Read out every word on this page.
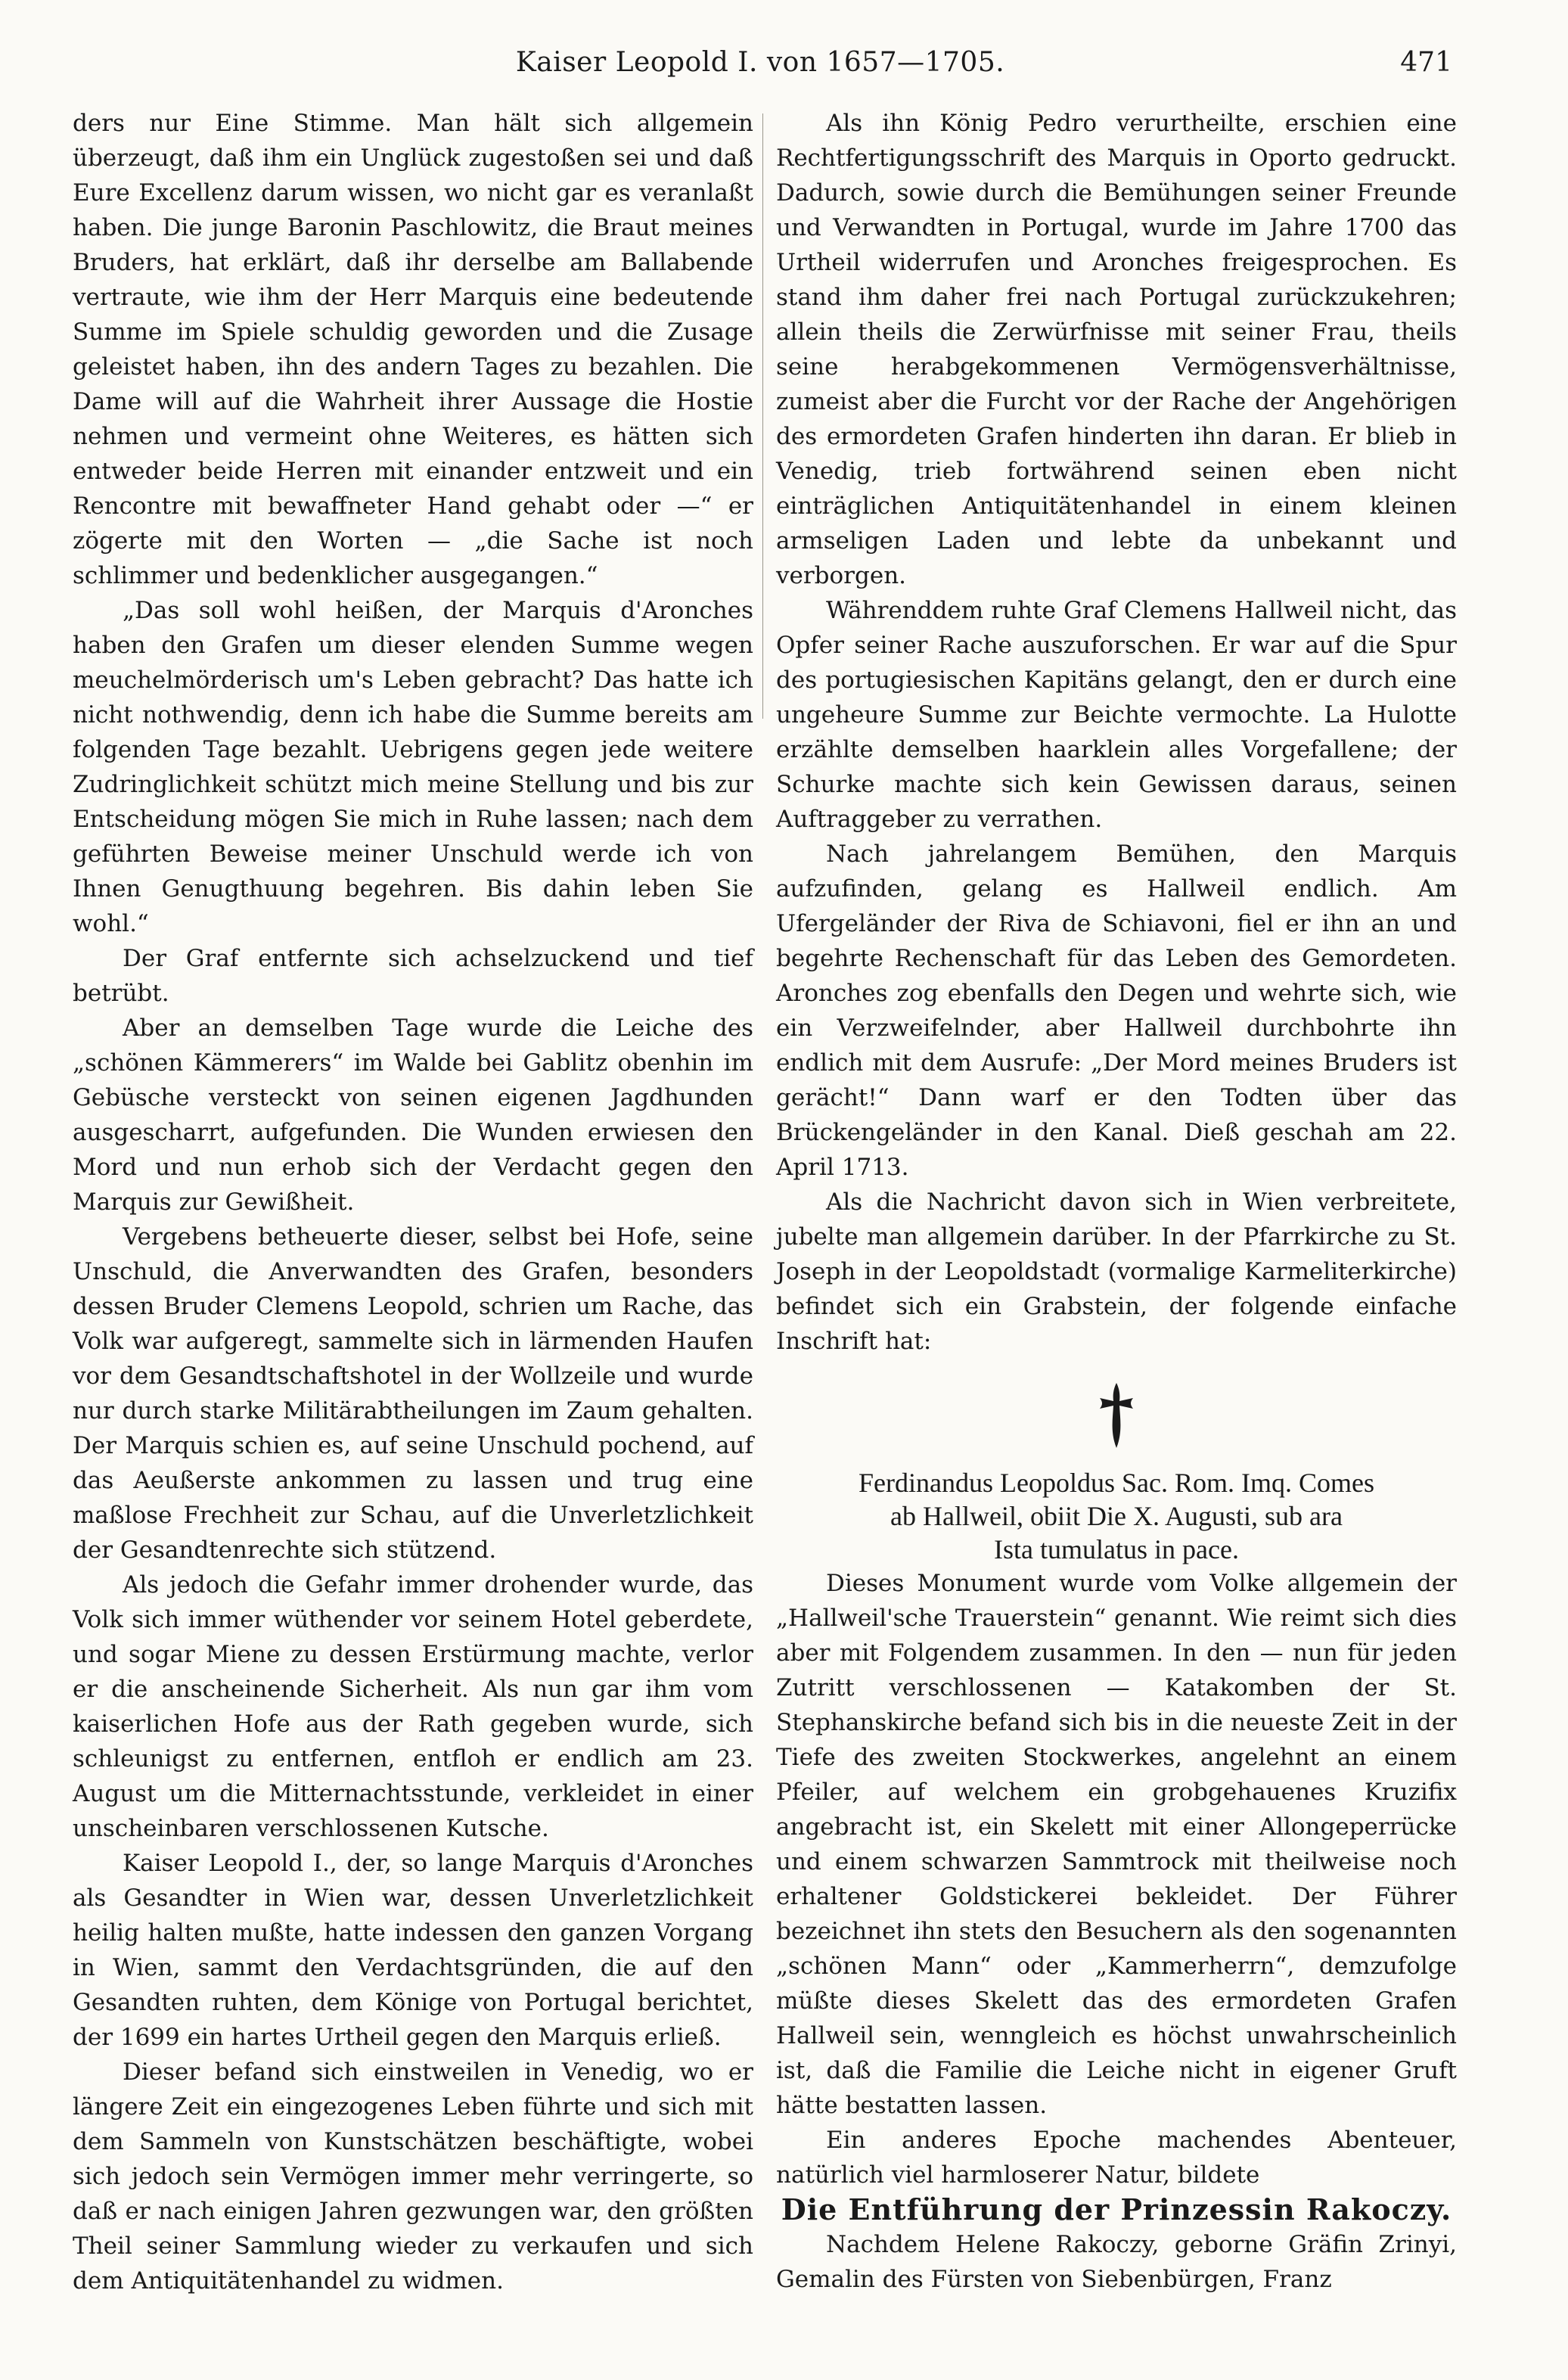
Kaiser Leopold I. von 1657—1705.	471

ders nur Eine Stimme. Man hält sich allgemein überzeugt, daß ihm ein Unglück zugestoßen sei und daß Eure Excellenz darum wissen, wo nicht gar es veranlaßt haben. Die junge Baronin Paschlowitz, die Braut meines Bruders, hat erklärt, daß ihr derselbe am Ballabende vertraute, wie ihm der Herr Marquis eine bedeutende Summe im Spiele schuldig geworden und die Zusage geleistet haben, ihn des andern Tages zu bezahlen. Die Dame will auf die Wahrheit ihrer Aussage die Hostie nehmen und vermeint ohne Weiteres, es hätten sich entweder beide Herren mit einander entzweit und ein Rencontre mit bewaffneter Hand gehabt oder —“ er zögerte mit den Worten — „die Sache ist noch schlimmer und bedenklicher ausgegangen.“

„Das soll wohl heißen, der Marquis d'Aronches haben den Grafen um dieser elenden Summe wegen meuchelmörderisch um's Leben gebracht? Das hatte ich nicht nothwendig, denn ich habe die Summe bereits am folgenden Tage bezahlt. Uebrigens gegen jede weitere Zudringlichkeit schützt mich meine Stellung und bis zur Entscheidung mögen Sie mich in Ruhe lassen; nach dem geführten Beweise meiner Unschuld werde ich von Ihnen Genugthuung begehren. Bis dahin leben Sie wohl.“

Der Graf entfernte sich achselzuckend und tief betrübt.

Aber an demselben Tage wurde die Leiche des „schönen Kämmerers“ im Walde bei Gablitz obenhin im Gebüsche versteckt von seinen eigenen Jagdhunden ausgescharrt, aufgefunden. Die Wunden erwiesen den Mord und nun erhob sich der Verdacht gegen den Marquis zur Gewißheit.

Vergebens betheuerte dieser, selbst bei Hofe, seine Unschuld, die Anverwandten des Grafen, besonders dessen Bruder Clemens Leopold, schrien um Rache, das Volk war aufgeregt, sammelte sich in lärmenden Haufen vor dem Gesandtschaftshotel in der Wollzeile und wurde nur durch starke Militärabtheilungen im Zaum gehalten. Der Marquis schien es, auf seine Unschuld pochend, auf das Aeußerste ankommen zu lassen und trug eine maßlose Frechheit zur Schau, auf die Unverletzlichkeit der Gesandtenrechte sich stützend.

Als jedoch die Gefahr immer drohender wurde, das Volk sich immer wüthender vor seinem Hotel geberdete, und sogar Miene zu dessen Erstürmung machte, verlor er die anscheinende Sicherheit. Als nun gar ihm vom kaiserlichen Hofe aus der Rath gegeben wurde, sich schleunigst zu entfernen, entfloh er endlich am 23. August um die Mitternachtsstunde, verkleidet in einer unscheinbaren verschlossenen Kutsche.

Kaiser Leopold I., der, so lange Marquis d'Aronches als Gesandter in Wien war, dessen Unverletzlichkeit heilig halten mußte, hatte indessen den ganzen Vorgang in Wien, sammt den Verdachtsgründen, die auf den Gesandten ruhten, dem Könige von Portugal berichtet, der 1699 ein hartes Urtheil gegen den Marquis erließ.

Dieser befand sich einstweilen in Venedig, wo er längere Zeit ein eingezogenes Leben führte und sich mit dem Sammeln von Kunstschätzen beschäftigte, wobei sich jedoch sein Vermögen immer mehr verringerte, so daß er nach einigen Jahren gezwungen war, den größten Theil seiner Sammlung wieder zu verkaufen und sich dem Antiquitätenhandel zu widmen.

Als ihn König Pedro verurtheilte, erschien eine Rechtfertigungsschrift des Marquis in Oporto gedruckt. Dadurch, sowie durch die Bemühungen seiner Freunde und Verwandten in Portugal, wurde im Jahre 1700 das Urtheil widerrufen und Aronches freigesprochen. Es stand ihm daher frei nach Portugal zurückzukehren; allein theils die Zerwürfnisse mit seiner Frau, theils seine herabgekommenen Vermögensverhältnisse, zumeist aber die Furcht vor der Rache der Angehörigen des ermordeten Grafen hinderten ihn daran. Er blieb in Venedig, trieb fortwährend seinen eben nicht einträglichen Antiquitätenhandel in einem kleinen armseligen Laden und lebte da unbekannt und verborgen.

Währenddem ruhte Graf Clemens Hallweil nicht, das Opfer seiner Rache auszuforschen. Er war auf die Spur des portugiesischen Kapitäns gelangt, den er durch eine ungeheure Summe zur Beichte vermochte. La Hulotte erzählte demselben haarklein alles Vorgefallene; der Schurke machte sich kein Gewissen daraus, seinen Auftraggeber zu verrathen.

Nach jahrelangem Bemühen, den Marquis aufzufinden, gelang es Hallweil endlich. Am Ufergeländer der Riva de Schiavoni, fiel er ihn an und begehrte Rechenschaft für das Leben des Gemordeten. Aronches zog ebenfalls den Degen und wehrte sich, wie ein Verzweifelnder, aber Hallweil durchbohrte ihn endlich mit dem Ausrufe: „Der Mord meines Bruders ist gerächt!“ Dann warf er den Todten über das Brückengeländer in den Kanal. Dieß geschah am 22. April 1713.

Als die Nachricht davon sich in Wien verbreitete, jubelte man allgemein darüber. In der Pfarrkirche zu St. Joseph in der Leopoldstadt (vormalige Karmeliterkirche) befindet sich ein Grabstein, der folgende einfache Inschrift hat:

Ferdinandus Leopoldus Sac. Rom. Imq. Comes

ab Hallweil, obiit Die X. Augusti, sub ara

Ista tumulatus in pace.

Dieses Monument wurde vom Volke allgemein der „Hallweil'sche Trauerstein“ genannt. Wie reimt sich dies aber mit Folgendem zusammen. In den — nun für jeden Zutritt verschlossenen — Katakomben der St. Stephanskirche befand sich bis in die neueste Zeit in der Tiefe des zweiten Stockwerkes, angelehnt an einem Pfeiler, auf welchem ein grobgehauenes Kruzifix angebracht ist, ein Skelett mit einer Allongeperrücke und einem schwarzen Sammtrock mit theilweise noch erhaltener Goldstickerei bekleidet. Der Führer bezeichnet ihn stets den Besuchern als den sogenannten „schönen Mann“ oder „Kammerherrn“, demzufolge müßte dieses Skelett das des ermordeten Grafen Hallweil sein, wenngleich es höchst unwahrscheinlich ist, daß die Familie die Leiche nicht in eigener Gruft hätte bestatten lassen.

Ein anderes Epoche machendes Abenteuer, natürlich viel harmloserer Natur, bildete

Die Entführung der Prinzessin Rakoczy.

Nachdem Helene Rakoczy, geborne Gräfin Zrinyi, Gemalin des Fürsten von Siebenbürgen, Franz
